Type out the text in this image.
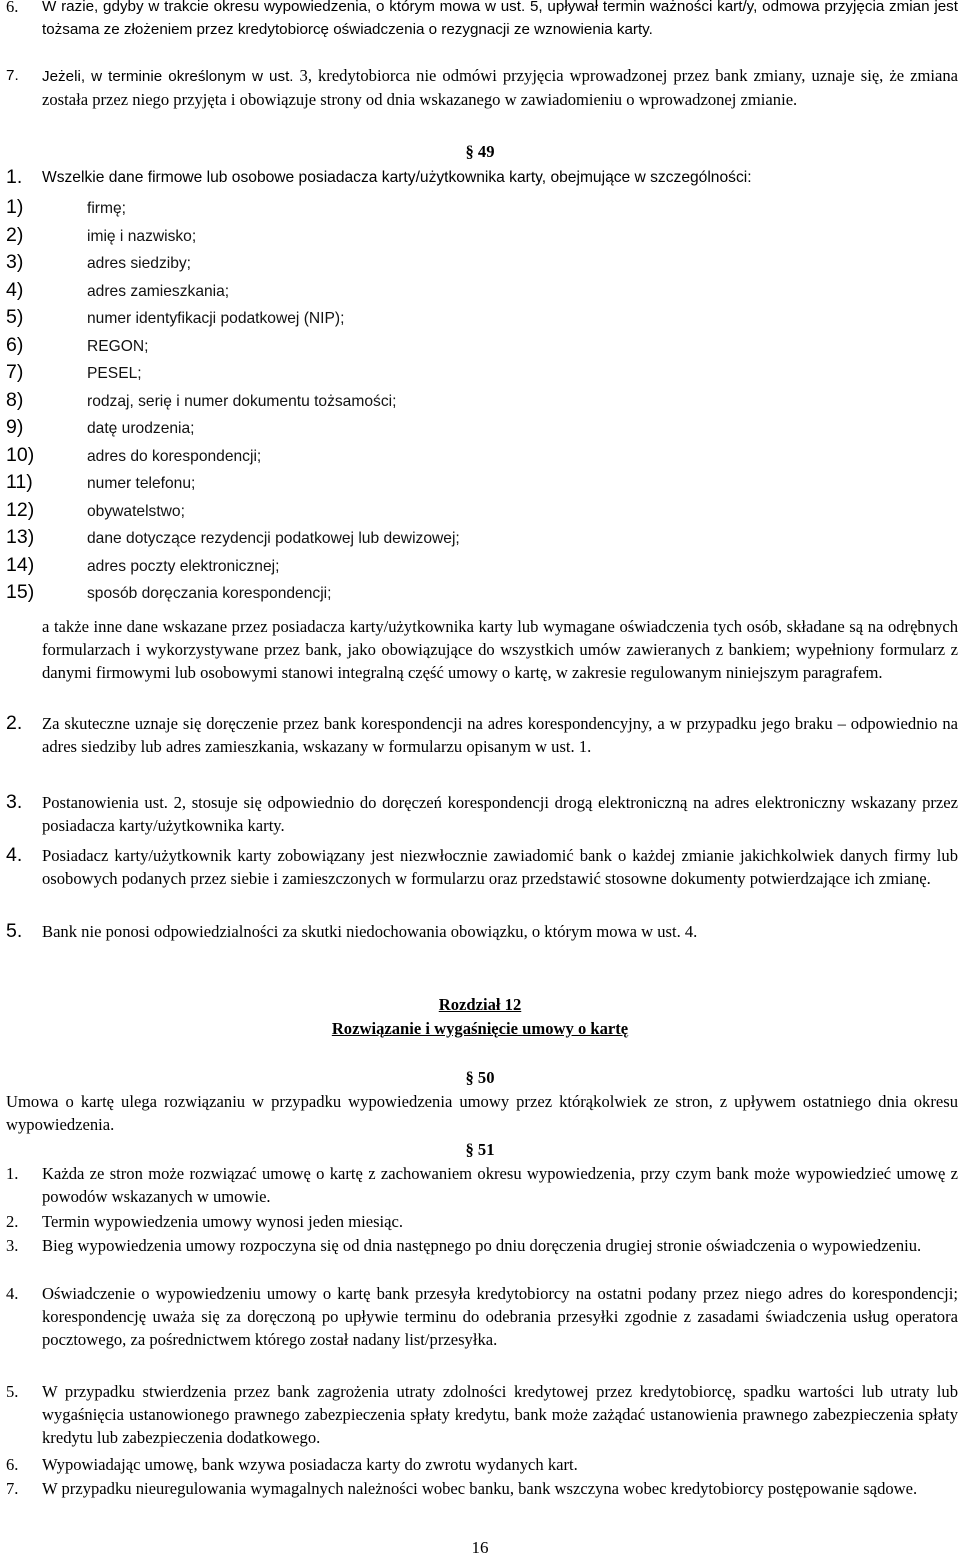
6. W razie, gdyby w trakcie okresu wypowiedzenia, o którym mowa w ust. 5, upływał termin ważności kart/y, odmowa przyjęcia zmian jest tożsama ze złożeniem przez kredytobiorcę oświadczenia o rezygnacji ze wznowienia karty.
7. Jeżeli, w terminie określonym w ust. 3, kredytobiorca nie odmówi przyjęcia wprowadzonej przez bank zmiany, uznaje się, że zmiana została przez niego przyjęta i obowiązuje strony od dnia wskazanego w zawiadomieniu o wprowadzonej zmianie.
§ 49
1. Wszelkie dane firmowe lub osobowe posiadacza karty/użytkownika karty, obejmujące w szczególności:
1)	firmę;
2)	imię i nazwisko;
3)	adres siedziby;
4)	adres zamieszkania;
5)	numer identyfikacji podatkowej (NIP);
6)	REGON;
7)	PESEL;
8)	rodzaj, serię i numer dokumentu tożsamości;
9)	datę urodzenia;
10)	adres do korespondencji;
11)	numer telefonu;
12)	obywatelstwo;
13)	dane dotyczące rezydencji podatkowej lub dewizowej;
14)	adres poczty elektronicznej;
15)	sposób doręczania korespondencji;
a także inne dane wskazane przez posiadacza karty/użytkownika karty lub wymagane oświadczenia tych osób, składane są na odrębnych formularzach i wykorzystywane przez bank, jako obowiązujące do wszystkich umów zawieranych z bankiem; wypełniony formularz z danymi firmowymi lub osobowymi stanowi integralną część umowy o kartę, w zakresie regulowanym niniejszym paragrafem.
2. Za skuteczne uznaje się doręczenie przez bank korespondencji na adres korespondencyjny, a w przypadku jego braku – odpowiednio na adres siedziby lub adres zamieszkania, wskazany w formularzu opisanym w ust. 1.
3. Postanowienia ust. 2, stosuje się odpowiednio do doręczeń korespondencji drogą elektroniczną na adres elektroniczny wskazany przez posiadacza karty/użytkownika karty.
4. Posiadacz karty/użytkownik karty zobowiązany jest niezwłocznie zawiadomić bank o każdej zmianie jakichkolwiek danych firmy lub osobowych podanych przez siebie i zamieszczonych w formularzu oraz przedstawić stosowne dokumenty potwierdzające ich zmianę.
5. Bank nie ponosi odpowiedzialności za skutki niedochowania obowiązku, o którym mowa w ust. 4.
Rozdział 12
Rozwiązanie i wygaśnięcie umowy o kartę
§ 50
Umowa o kartę ulega rozwiązaniu w przypadku wypowiedzenia umowy przez którąkolwiek ze stron, z upływem ostatniego dnia okresu wypowiedzenia.
§ 51
1. Każda ze stron może rozwiązać umowę o kartę z zachowaniem okresu wypowiedzenia, przy czym bank może wypowiedzieć umowę z powodów wskazanych w umowie.
2. Termin wypowiedzenia umowy wynosi jeden miesiąc.
3. Bieg wypowiedzenia umowy rozpoczyna się od dnia następnego po dniu doręczenia drugiej stronie oświadczenia o wypowiedzeniu.
4. Oświadczenie o wypowiedzeniu umowy o kartę bank przesyła kredytobiorcy na ostatni podany przez niego adres do korespondencji; korespondencję uważa się za doręczoną po upływie terminu do odebrania przesyłki zgodnie z zasadami świadczenia usług operatora pocztowego, za pośrednictwem którego został nadany list/przesyłka.
5. W przypadku stwierdzenia przez bank zagrożenia utraty zdolności kredytowej przez kredytobiorcę, spadku wartości lub utraty lub wygaśnięcia ustanowionego prawnego zabezpieczenia spłaty kredytu, bank może zażądać ustanowienia prawnego zabezpieczenia spłaty kredytu lub zabezpieczenia dodatkowego.
6. Wypowiadając umowę, bank wzywa posiadacza karty do zwrotu wydanych kart.
7. W przypadku nieuregulowania wymagalnych należności wobec banku, bank wszczyna wobec kredytobiorcy postępowanie sądowe.
16
